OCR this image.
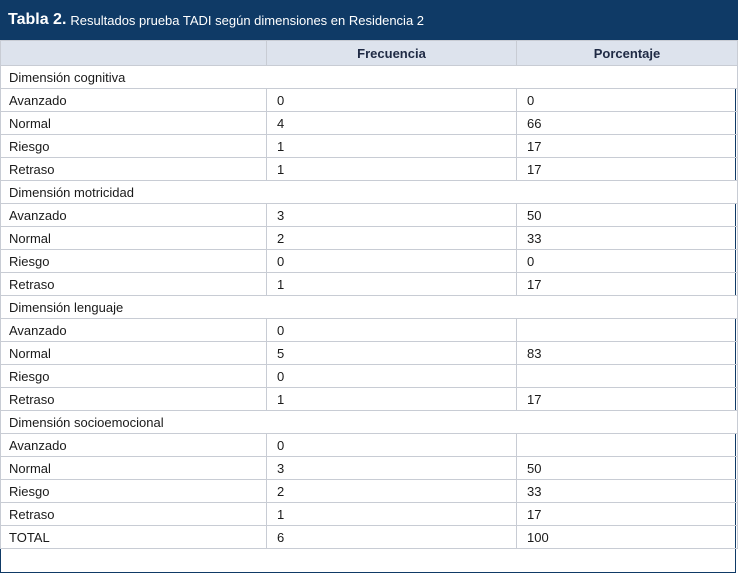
Tabla 2. Resultados prueba TADI según dimensiones en Residencia 2
	Frecuencia	Porcentaje
Dimensión cognitiva		
Avanzado	0	0
Normal	4	66
Riesgo	1	17
Retraso	1	17
Dimensión motricidad		
Avanzado	3	50
Normal	2	33
Riesgo	0	0
Retraso	1	17
Dimensión lenguaje		
Avanzado	0	
Normal	5	83
Riesgo	0	
Retraso	1	17
Dimensión socioemocional		
Avanzado	0	
Normal	3	50
Riesgo	2	33
Retraso	1	17
TOTAL	6	100
